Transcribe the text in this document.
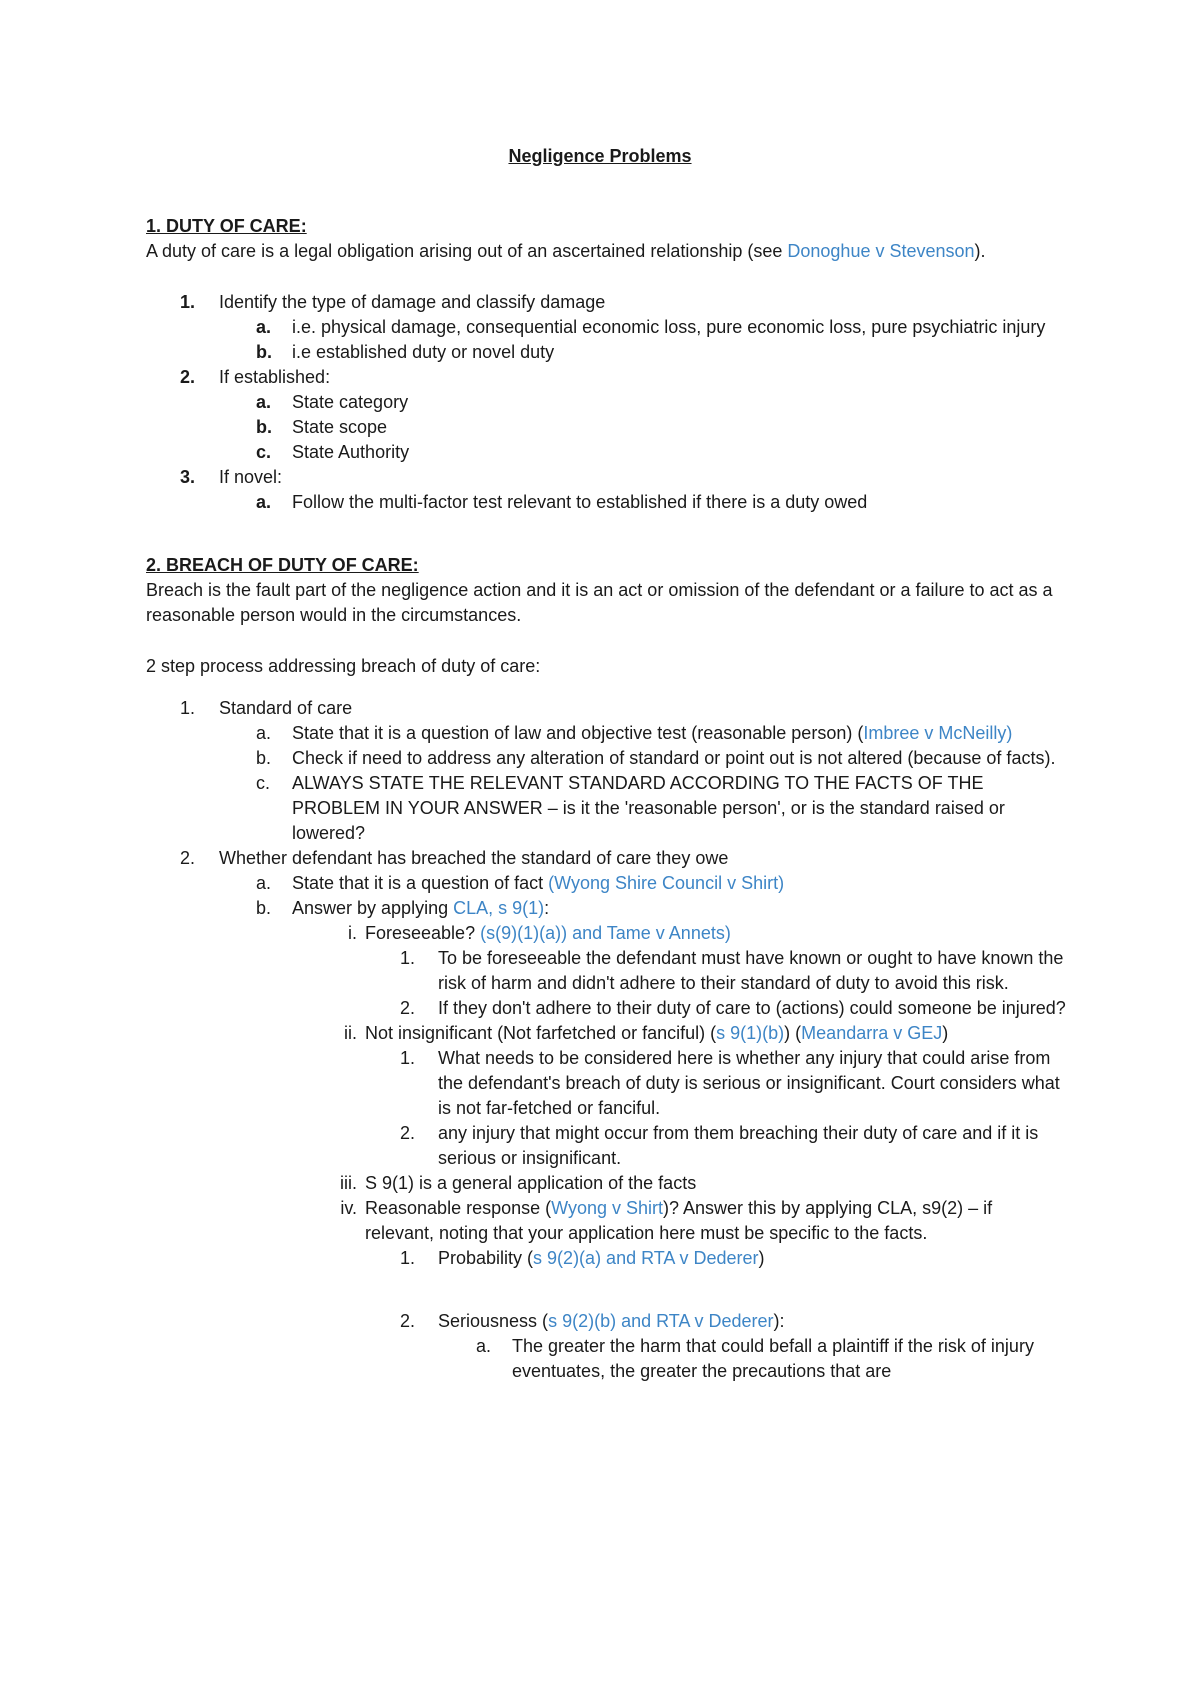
Negligence Problems

1. DUTY OF CARE:

A duty of care is a legal obligation arising out of an ascertained relationship (see Donoghue v Stevenson).

1. Identify the type of damage and classify damage
a. i.e. physical damage, consequential economic loss, pure economic loss, pure psychiatric injury
b. i.e established duty or novel duty
2. If established:
a. State category
b. State scope
c. State Authority
3. If novel:
a. Follow the multi-factor test relevant to established if there is a duty owed

2. BREACH OF DUTY OF CARE:

Breach is the fault part of the negligence action and it is an act or omission of the defendant or a failure to act as a reasonable person would in the circumstances.

2 step process addressing breach of duty of care:

1. Standard of care
a. State that it is a question of law and objective test (reasonable person) (Imbree v McNeilly)
b. Check if need to address any alteration of standard or point out is not altered (because of facts).
c. ALWAYS STATE THE RELEVANT STANDARD ACCORDING TO THE FACTS OF THE PROBLEM IN YOUR ANSWER – is it the 'reasonable person', or is the standard raised or lowered?
2. Whether defendant has breached the standard of care they owe
a. State that it is a question of fact (Wyong Shire Council v Shirt)
b. Answer by applying CLA, s 9(1):
i. Foreseeable? (s(9)(1)(a)) and Tame v Annets)
1. To be foreseeable the defendant must have known or ought to have known the risk of harm and didn't adhere to their standard of duty to avoid this risk.
2. If they don't adhere to their duty of care to (actions) could someone be injured?
ii. Not insignificant (Not farfetched or fanciful) (s 9(1)(b)) (Meandarra v GEJ)
1. What needs to be considered here is whether any injury that could arise from the defendant's breach of duty is serious or insignificant. Court considers what is not far-fetched or fanciful.
2. any injury that might occur from them breaching their duty of care and if it is serious or insignificant.
iii. S 9(1) is a general application of the facts
iv. Reasonable response (Wyong v Shirt)? Answer this by applying CLA, s9(2) – if relevant, noting that your application here must be specific to the facts.
1. Probability (s 9(2)(a) and RTA v Dederer)
2. Seriousness (s 9(2)(b) and RTA v Dederer):
a. The greater the harm that could befall a plaintiff if the risk of injury eventuates, the greater the precautions that are
